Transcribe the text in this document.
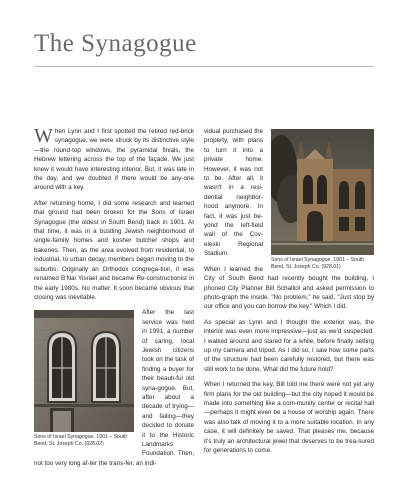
The Synagogue

When Lynn and I first spotted the retired red-brick synagogue, we were struck by its distinctive style—the round-top windows, the pyramidal finials, the Hebrew lettering across the top of the façade. We just knew it would have interesting interior. But, it was late in the day, and we doubted if there would be any-one around with a key.

After returning home, I did some research and learned that ground had been broken for the Sons of Israel Synagogue (the oldest in South Bend) back in 1901. At that time, it was in a bustling Jewish neighborhood of single-family homes and kosher butcher shops and bakeries. Then, as the area evolved from residential, to industrial, to urban decay, members began moving to the suburbs. Originally an Orthodox congrega-tion, it was renamed B'Nai Yisrael and became Re-constructionist in the early 1980s. No matter. It soon became obvious that closing was inevitable.

Sons of Israel Synagogue, 1901 – South Bend, St. Joseph Co. (928.02)

After the last service was held in 1991, a number of caring, local Jewish citizens took on the task of finding a buyer for their beauti-ful old syna-gogue. But, after about a decade of trying—and failing—they decided to donate it to the Historic Landmarks Foundation. Then, not too very long af-ter the trans-fer, an indi-

Sons of Israel Synagogue, 1901 – South Bend, St. Joseph Co. (928.01)

vidual purchased the property, with plans to turn it into a private home. However, it was not to be. After all, it wasn't in a resi-dential neighbor-hood anymore. In fact, it was just be-yond the left-field wall of the Cov-eleski Regional Stadium.

When I learned the City of South Bend had recently bought the building, I phoned City Planner Bill Schalliol and asked permission to photo-graph the inside. "No problem," he said, "Just stop by our office and you can borrow the key." Which I did.

As special as Lynn and I thought the exterior was, the interior was even more impressive—just as we'd suspected. I walked around and stared for a while, before finally setting up my camera and tripod. As I did so, I saw how some parts of the structure had been carefully restored, but there was still work to be done. What did the future hold?

When I returned the key, Bill told me there were not yet any firm plans for the old building—but the city hoped it would be made into something like a com-munity center or recital hall—perhaps it might even be a house of worship again. There was also talk of moving it to a more suitable location. In any case, it will definitely be saved. That pleases me, because it's truly an architectural jewel that deserves to be trea-sured for generations to come.
